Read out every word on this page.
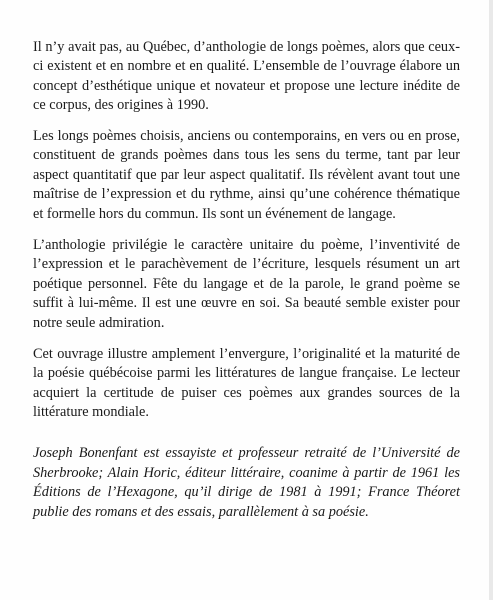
Il n’y avait pas, au Québec, d’anthologie de longs poèmes, alors que ceux-ci existent et en nombre et en qualité. L’ensemble de l’ouvrage élabore un concept d’esthétique unique et novateur et propose une lecture inédite de ce corpus, des origines à 1990.

Les longs poèmes choisis, anciens ou contemporains, en vers ou en prose, constituent de grands poèmes dans tous les sens du terme, tant par leur aspect quantitatif que par leur aspect qualitatif. Ils révèlent avant tout une maîtrise de l’expression et du rythme, ainsi qu’une cohérence thématique et formelle hors du commun. Ils sont un événement de langage.

L’anthologie privilégie le caractère unitaire du poème, l’inventivité de l’expression et le parachèvement de l’écriture, lesquels résument un art poétique personnel. Fête du langage et de la parole, le grand poème se suffit à lui-même. Il est une œuvre en soi. Sa beauté semble exister pour notre seule admiration.

Cet ouvrage illustre amplement l’envergure, l’originalité et la maturité de la poésie québécoise parmi les littératures de langue française. Le lecteur acquiert la certitude de puiser ces poèmes aux grandes sources de la littérature mondiale.

Joseph Bonenfant est essayiste et professeur retraité de l’Université de Sherbrooke; Alain Horic, éditeur littéraire, coanime à partir de 1961 les Éditions de l’Hexagone, qu’il dirige de 1981 à 1991; France Théoret publie des romans et des essais, parallèlement à sa poésie.
